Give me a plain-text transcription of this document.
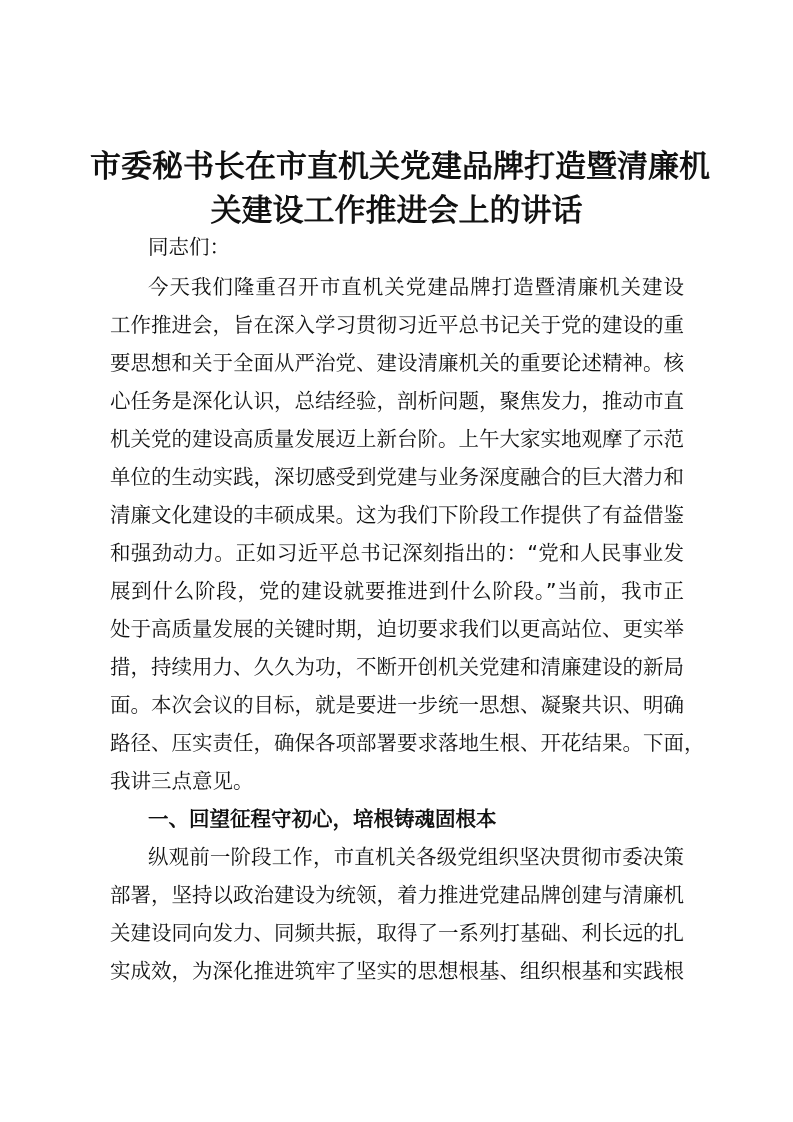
市委秘书长在市直机关党建品牌打造暨清廉机
关建设工作推进会上的讲话
同志们：
今天我们隆重召开市直机关党建品牌打造暨清廉机关建设
工作推进会，旨在深入学习贯彻习近平总书记关于党的建设的重
要思想和关于全面从严治党、建设清廉机关的重要论述精神。核
心任务是深化认识，总结经验，剖析问题，聚焦发力，推动市直
机关党的建设高质量发展迈上新台阶。上午大家实地观摩了示范
单位的生动实践，深切感受到党建与业务深度融合的巨大潜力和
清廉文化建设的丰硕成果。这为我们下阶段工作提供了有益借鉴
和强劲动力。正如习近平总书记深刻指出的：“党和人民事业发
展到什么阶段，党的建设就要推进到什么阶段。”当前，我市正
处于高质量发展的关键时期，迫切要求我们以更高站位、更实举
措，持续用力、久久为功，不断开创机关党建和清廉建设的新局
面。本次会议的目标，就是要进一步统一思想、凝聚共识、明确
路径、压实责任，确保各项部署要求落地生根、开花结果。下面，
我讲三点意见。
一、回望征程守初心，培根铸魂固根本
纵观前一阶段工作，市直机关各级党组织坚决贯彻市委决策
部署，坚持以政治建设为统领，着力推进党建品牌创建与清廉机
关建设同向发力、同频共振，取得了一系列打基础、利长远的扎
实成效，为深化推进筑牢了坚实的思想根基、组织根基和实践根
